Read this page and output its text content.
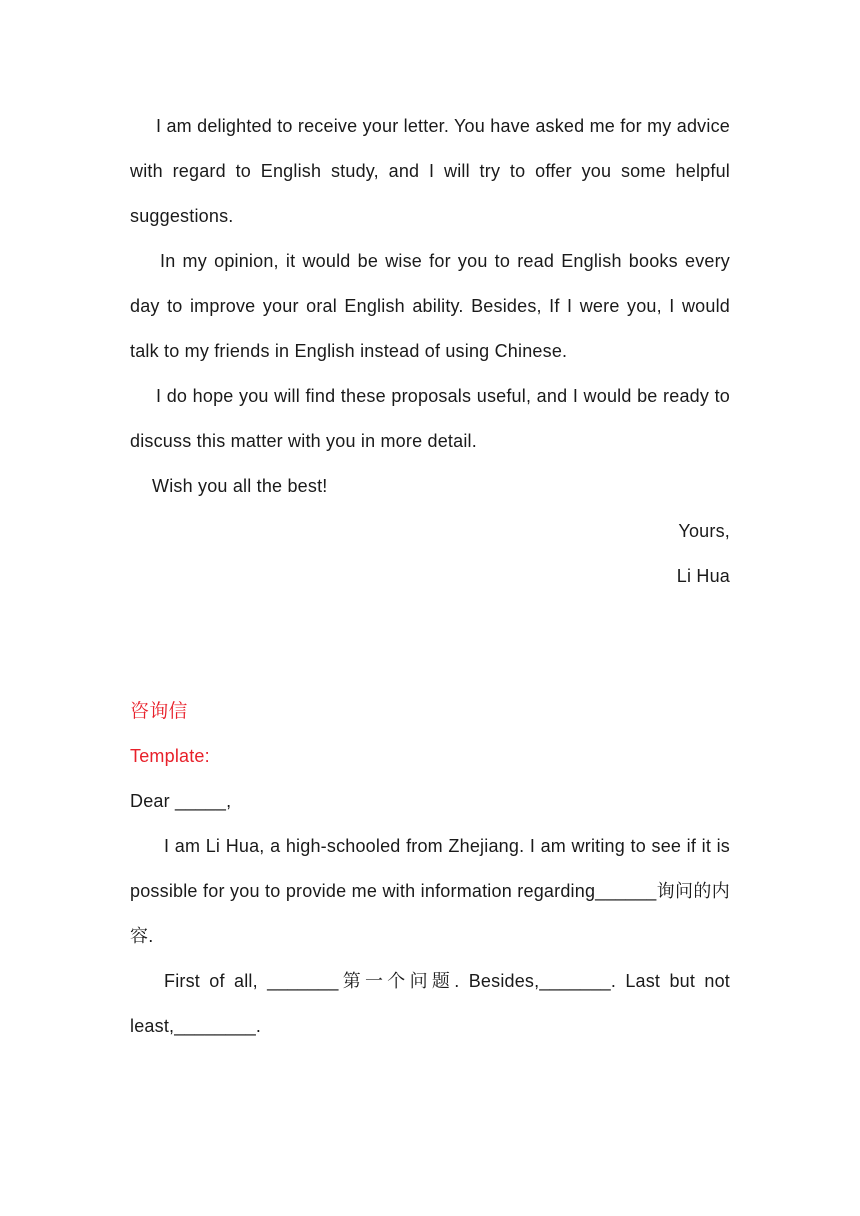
I am delighted to receive your letter. You have asked me for my advice with regard to English study, and I will try to offer you some helpful suggestions.

In my opinion, it would be wise for you to read English books every day to improve your oral English ability. Besides, If I were you, I would talk to my friends in English instead of using Chinese.

I do hope you will find these proposals useful, and I would be ready to discuss this matter with you in more detail.

Wish you all the best!

Yours,

Li Hua

咨询信

Template:

Dear _____,

I am Li Hua, a high-schooled from Zhejiang. I am writing to see if it is possible for you to provide me with information regarding______询问的内容.

First of all, _______第一个问题. Besides,_______. Last but not least,________.
